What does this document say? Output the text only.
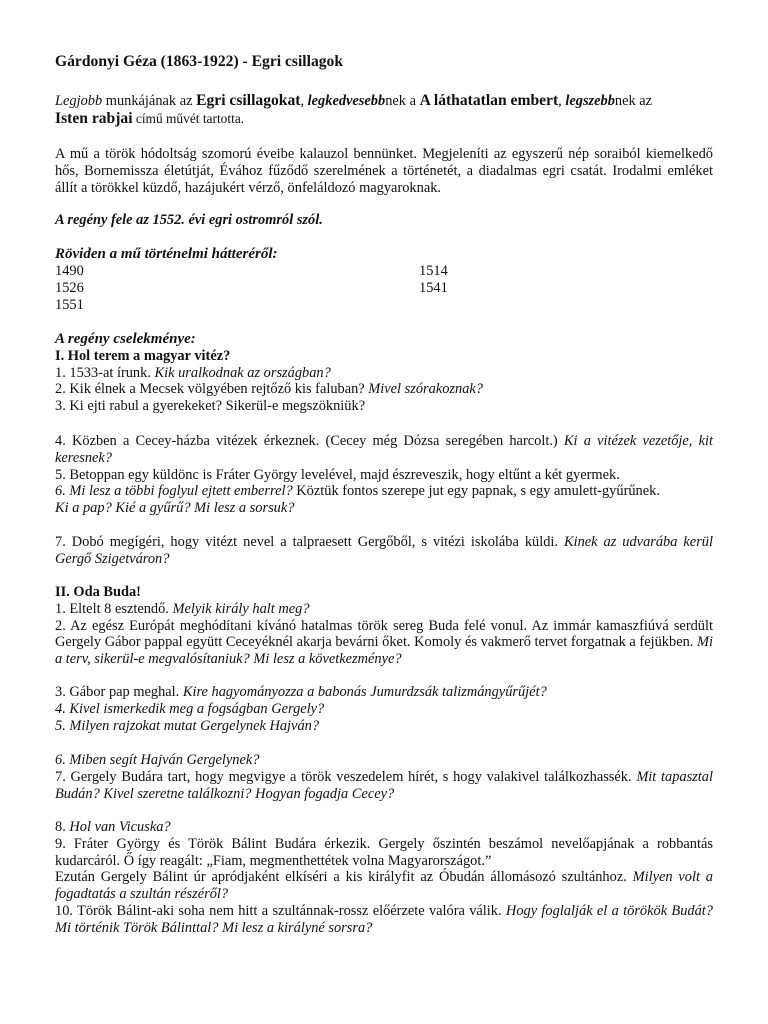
Gárdonyi Géza (1863-1922) - Egri csillagok

Legjobb munkájának az Egri csillagokat, legkedvesebbnek a A láthatatlan embert, legszebbnek az
Isten rabjai című művét tartotta.

A mű a török hódoltság szomorú éveibe kalauzol bennünket. Megjeleníti az egyszerű nép soraiból kiemelkedő hős, Bornemissza életútját, Évához fűződő szerelmének a történetét, a diadalmas egri csatát. Irodalmi emléket állít a törökkel küzdő, hazájukért vérző, önfeláldozó magyaroknak.

A regény fele az 1552. évi egri ostromról szól.
Röviden a mű történelmi hátteréről:
1490
1526
1551
1514
1541
A regény cselekménye:
I. Hol terem a magyar vitéz?
1. 1533-at írunk. Kik uralkodnak az országban?
2. Kik élnek a Mecsek völgyében rejtőző kis faluban? Mivel szórakoznak?
3. Ki ejti rabul a gyerekeket? Sikerül-e megszökniük?
4. Közben a Cecey-házba vitézek érkeznek. (Cecey még Dózsa seregében harcolt.) Ki a vitézek vezetője, kit keresnek?
5. Betoppan egy küldönc is Fráter György levelével, majd észreveszik, hogy eltűnt a két gyermek.
6. Mi lesz a többi foglyul ejtett emberrel? Köztük fontos szerepe jut egy papnak, s egy amulett-gyűrűnek.
Ki a pap? Kié a gyűrű? Mi lesz a sorsuk?
7. Dobó megígéri, hogy vitézt nevel a talpraesett Gergőből, s vitézi iskolába küldi. Kinek az udvarába kerül Gergő Szigetváron?
II. Oda Buda!
1. Eltelt 8 esztendő. Melyik király halt meg?
2. Az egész Európát meghódítani kívánó hatalmas török sereg Buda felé vonul. Az immár kamaszfiúvá serdült Gergely Gábor pappal együtt Ceceyéknél akarja bevárni őket. Komoly és vakmerő tervet forgatnak a fejükben. Mi a terv, sikerül-e megvalósítaniuk? Mi lesz a következménye?
3. Gábor pap meghal. Kire hagyományozza a babonás Jumurdzsák talizmángyűrűjét?
4. Kivel ismerkedik meg a fogságban Gergely?
5. Milyen rajzokat mutat Gergelynek Hajván?
6. Miben segít Hajván Gergelynek?
7. Gergely Budára tart, hogy megvigye a török veszedelem hírét, s hogy valakivel találkozhassék. Mit tapasztal Budán? Kivel szeretne találkozni? Hogyan fogadja Cecey?
8. Hol van Vicuska?
9. Fráter György és Török Bálint Budára érkezik. Gergely őszintén beszámol nevelőapjának a robbantás kudarcáról. Ő így reagált: „Fiam, megmenthettétek volna Magyarországot.”
Ezután Gergely Bálint úr apródjaként elkíséri a kis királyfit az Óbudán állomásozó szultánhoz. Milyen volt a fogadtatás a szultán részéről?
10. Török Bálint-aki soha nem hitt a szultánnak-rossz előérzete valóra válik. Hogy foglalják el a törökök Budát? Mi történik Török Bálinttal? Mi lesz a királyné sorsra?
